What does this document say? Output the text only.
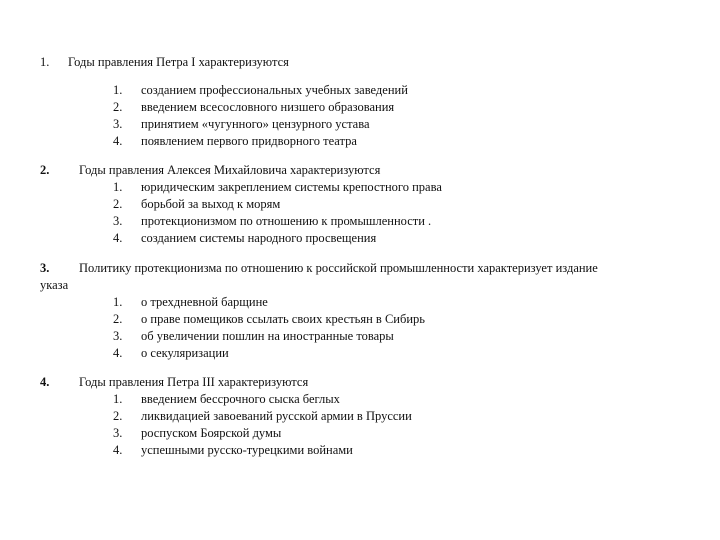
1. Годы правления Петра I характеризуются
1. созданием профессиональных учебных заведений
2. введением всесословного низшего образования
3. принятием «чугунного» цензурного устава
4. появлением первого придворного театра
2. Годы правления Алексея Михайловича характеризуются
1. юридическим закреплением системы крепостного права
2. борьбой за выход к морям
3. протекционизмом по отношению к промышленности .
4. созданием системы народного просвещения
3. Политику протекционизма по отношению к российской промышленности характеризует издание
указа
1. о трехдневной барщине
2. о праве помещиков ссылать своих крестьян в Сибирь
3. об увеличении пошлин на иностранные товары
4. о секуляризации
4. Годы правления Петра III характеризуются
1. введением бессрочного сыска беглых
2. ликвидацией завоеваний русской армии в Пруссии
3. роспуском Боярской думы
4. успешными русско-турецкими войнами
